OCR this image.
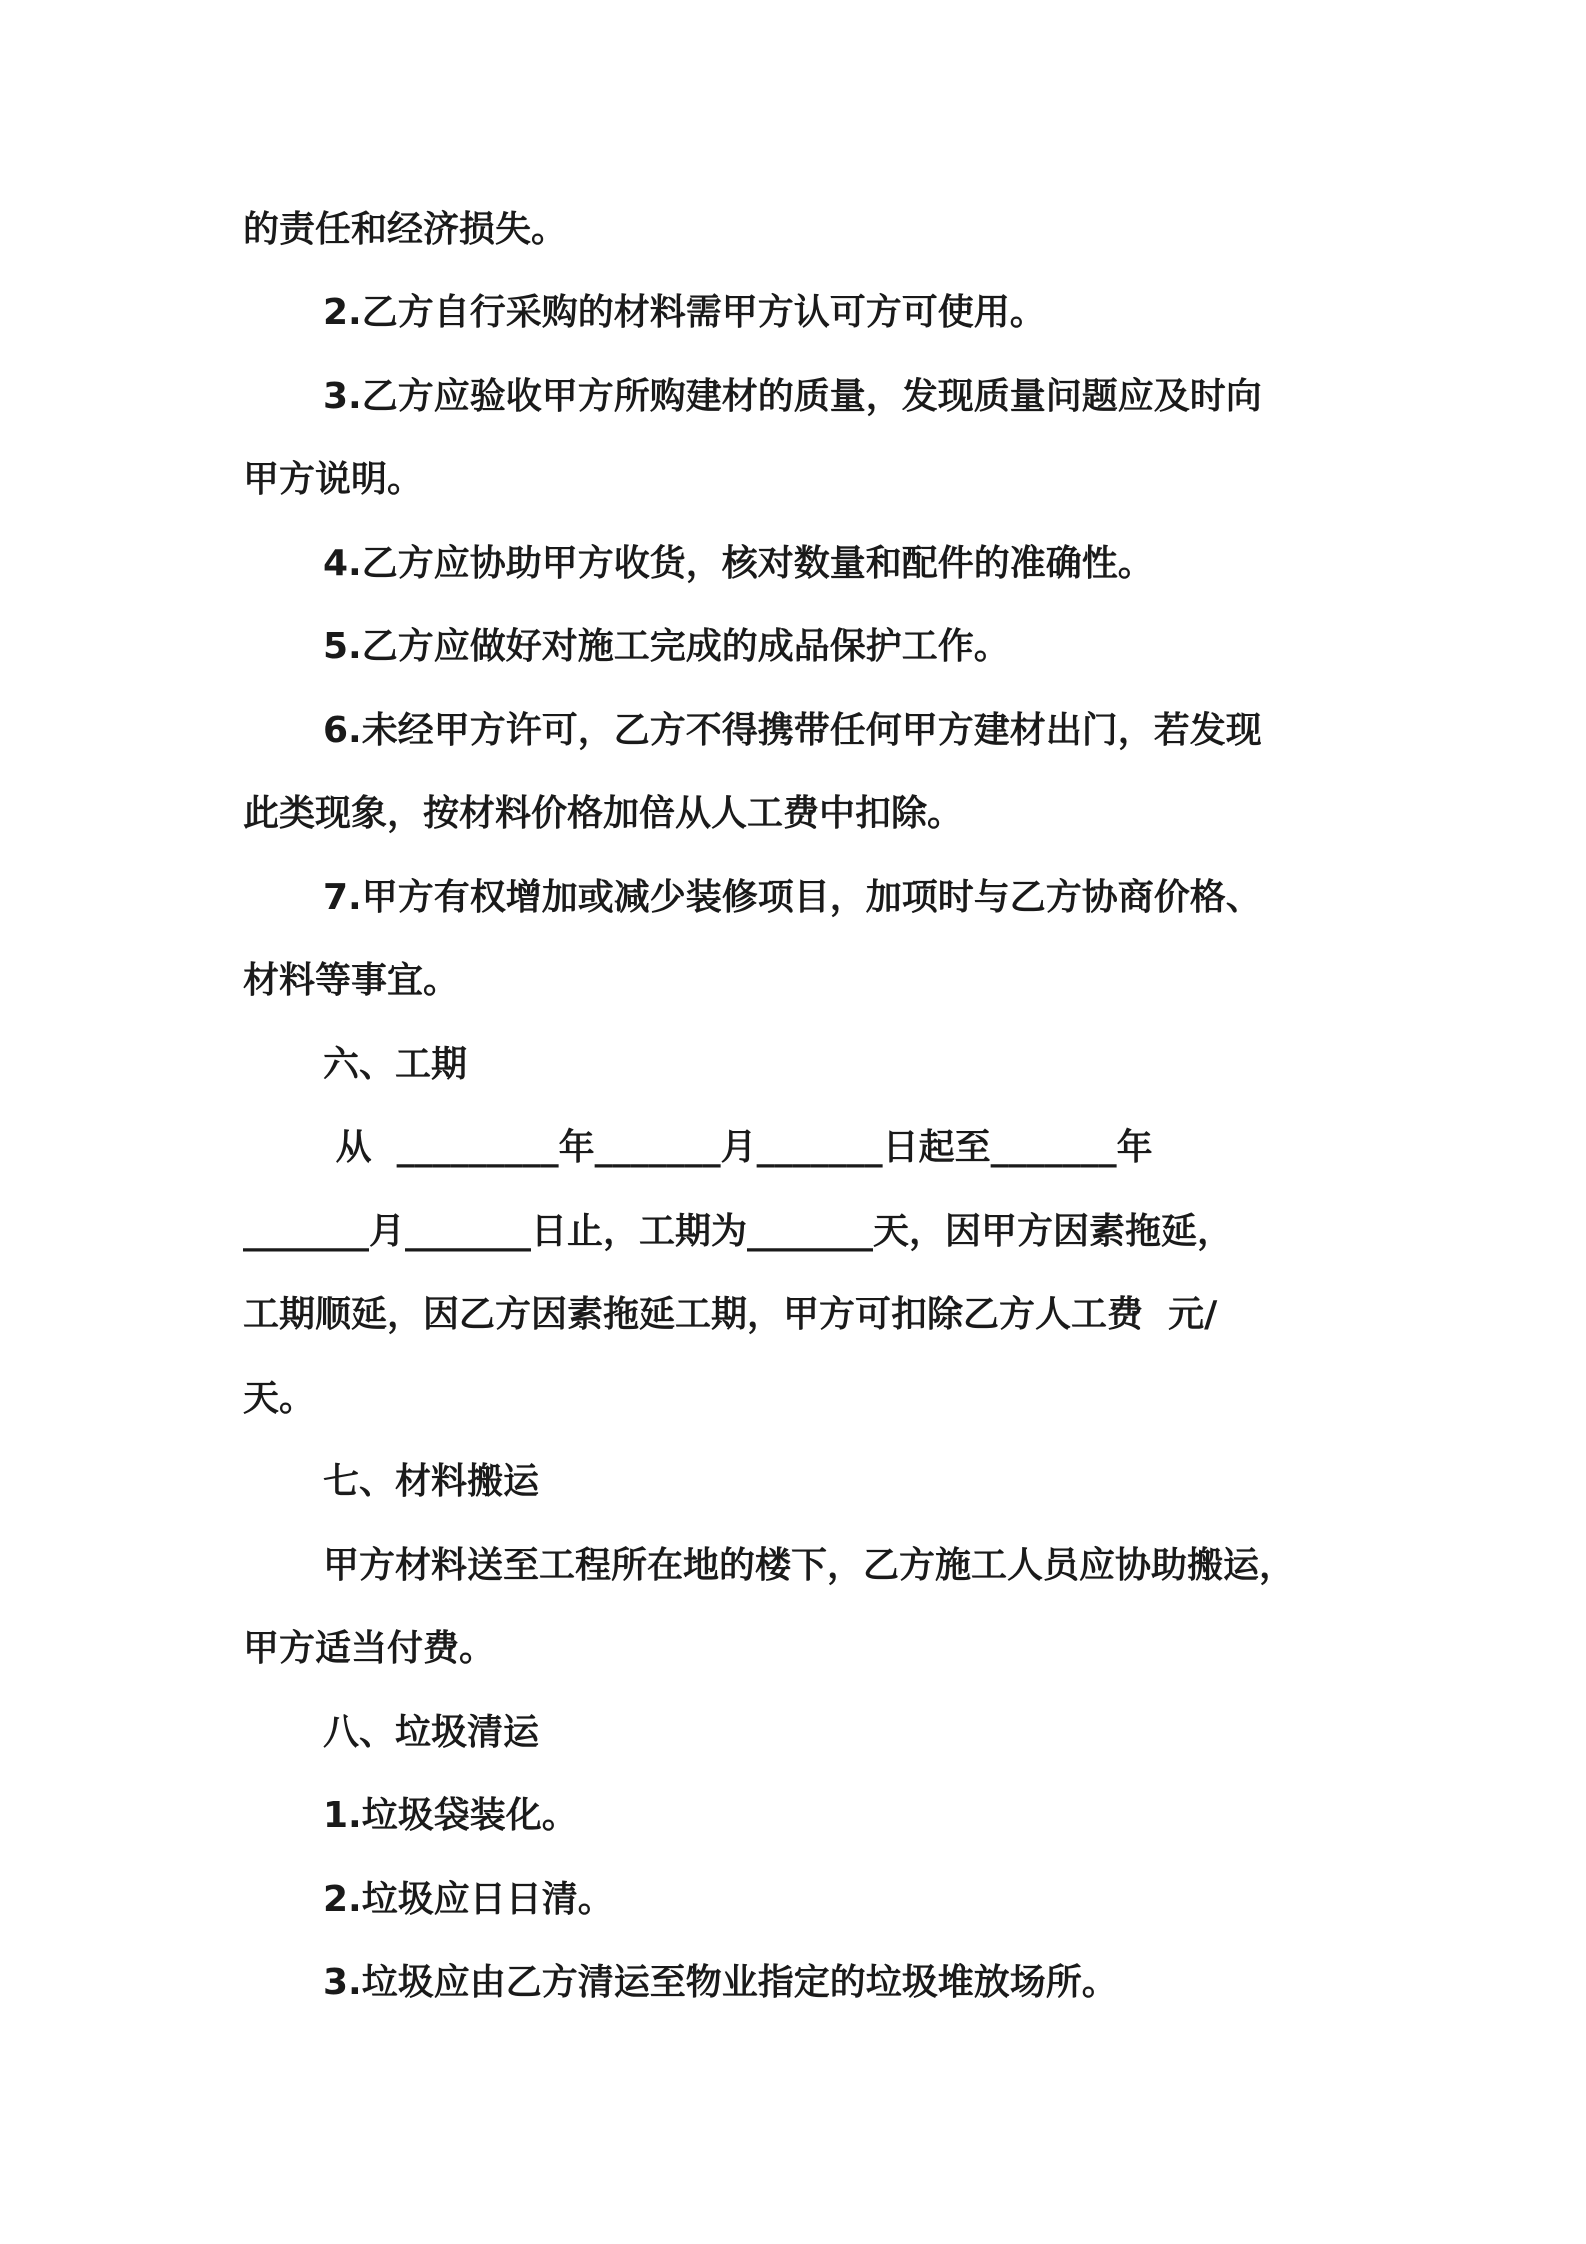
的责任和经济损失。

2.乙方自行采购的材料需甲方认可方可使用。

3.乙方应验收甲方所购建材的质量，发现质量问题应及时向

甲方说明。

4.乙方应协助甲方收货，核对数量和配件的准确性。

5.乙方应做好对施工完成的成品保护工作。

6.未经甲方许可，乙方不得携带任何甲方建材出门，若发现

此类现象，按材料价格加倍从人工费中扣除。

7.甲方有权增加或减少装修项目，加项时与乙方协商价格、

材料等事宜。

六、工期

从  _________年_______月_______日起至_______年

_______月_______日止，工期为_______天，因甲方因素拖延，

工期顺延，因乙方因素拖延工期，甲方可扣除乙方人工费  元/

天。

七、材料搬运

甲方材料送至工程所在地的楼下，乙方施工人员应协助搬运，

甲方适当付费。

八、垃圾清运

1.垃圾袋装化。

2.垃圾应日日清。

3.垃圾应由乙方清运至物业指定的垃圾堆放场所。
